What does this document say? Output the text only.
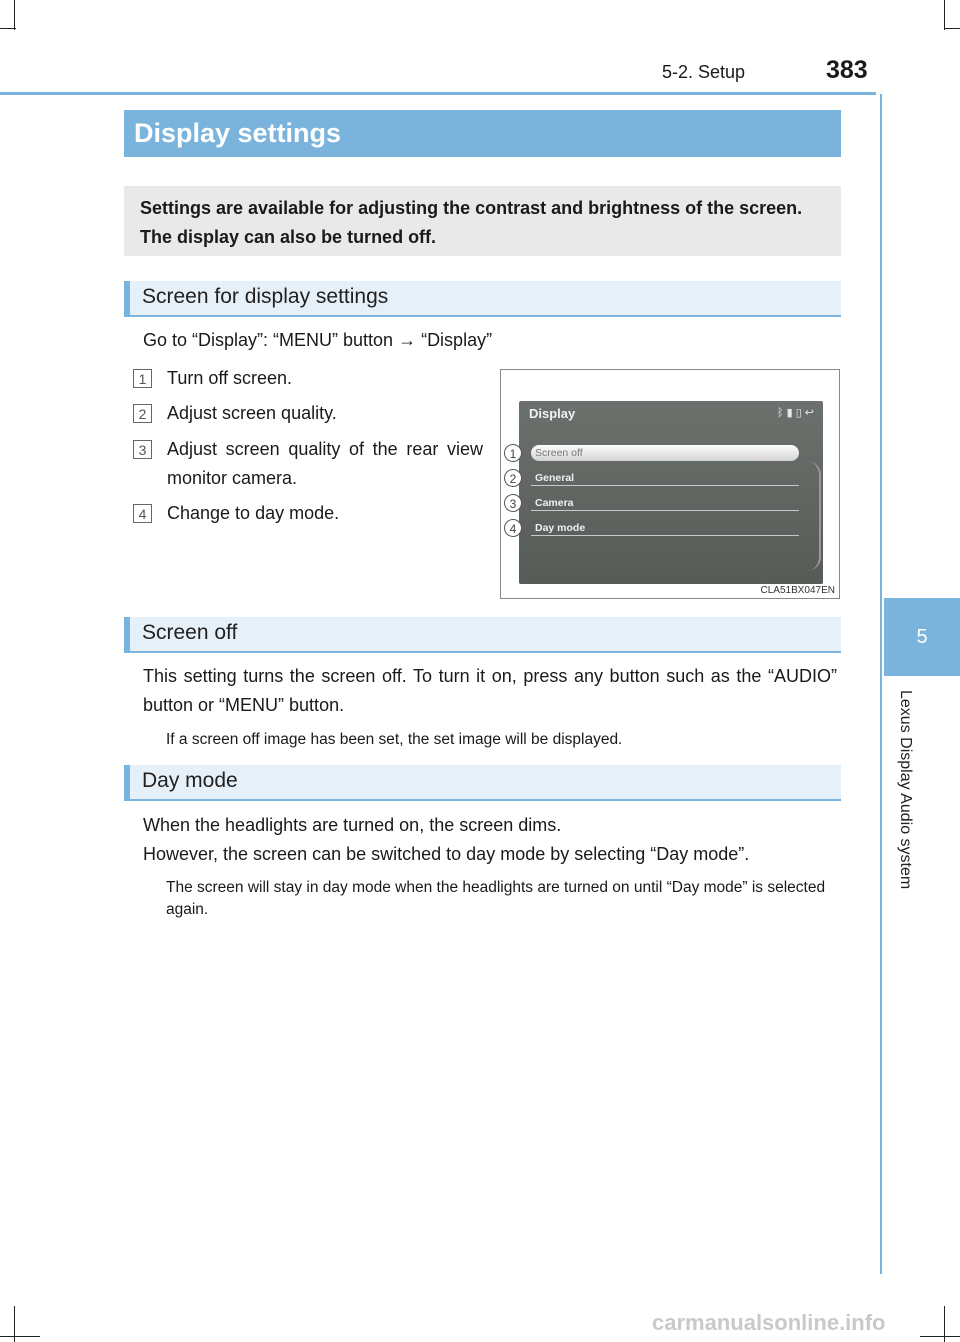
5-2. Setup	383
5
Lexus Display Audio system
Display settings
Settings are available for adjusting the contrast and brightness of the screen. The display can also be turned off.
Screen for display settings
Go to “Display”: “MENU” button → “Display”
1	Turn off screen.
2	Adjust screen quality.
3	Adjust screen quality of the rear view monitor camera.
4	Change to day mode.
Display	ᛒ▮▯↩
Screen off
General
Camera
Day mode
1
2
3
4
CLA51BX047EN
Screen off
This setting turns the screen off. To turn it on, press any button such as the “AUDIO” button or “MENU” button.
If a screen off image has been set, the set image will be displayed.
Day mode
When the headlights are turned on, the screen dims.
However, the screen can be switched to day mode by selecting “Day mode”.
The screen will stay in day mode when the headlights are turned on until “Day mode” is selected again.
carmanualsonline.info
